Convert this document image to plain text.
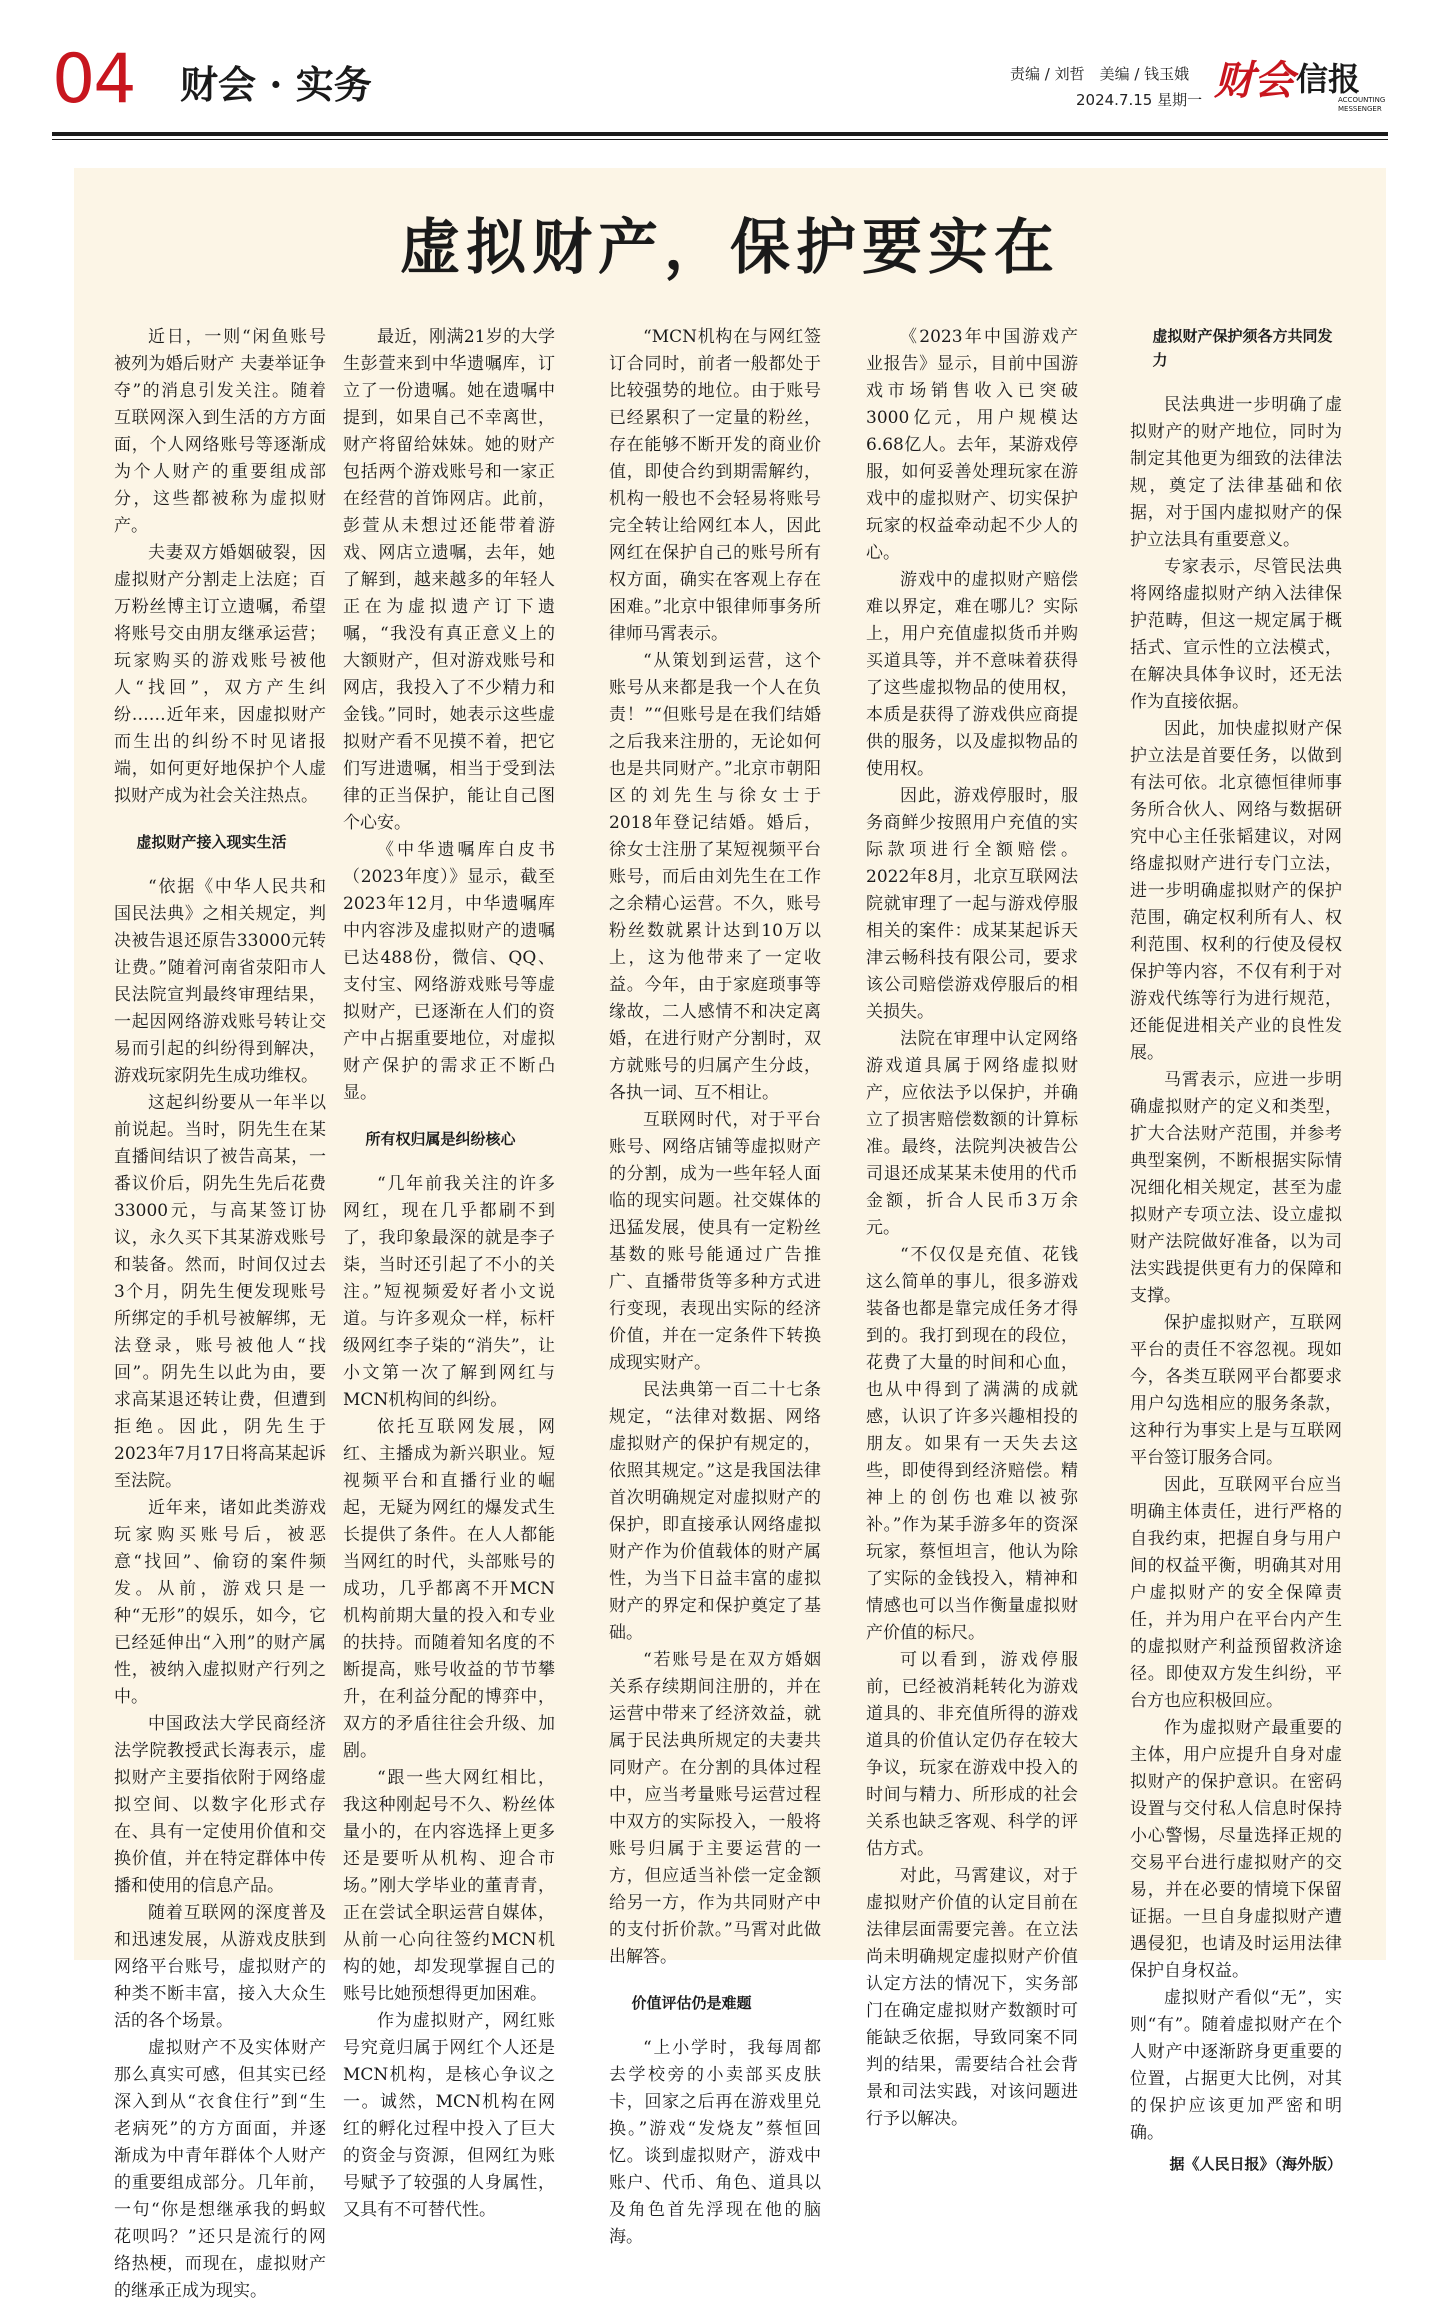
04 财会 · 实务	责编 / 刘哲　美编 / 钱玉娥
2024.7.15 星期一 财会 信报
ACCOUNTING
MESSENGER
虚拟财产，保护要实在

近日，一则“闲鱼账号被列为婚后财产 夫妻举证争夺”的消息引发关注。随着互联网深入到生活的方方面面，个人网络账号等逐渐成为个人财产的重要组成部分，这些都被称为虚拟财产。

夫妻双方婚姻破裂，因虚拟财产分割走上法庭；百万粉丝博主订立遗嘱，希望将账号交由朋友继承运营；玩家购买的游戏账号被他人“找回”，双方产生纠纷……近年来，因虚拟财产而生出的纠纷不时见诸报端，如何更好地保护个人虚拟财产成为社会关注热点。

虚拟财产接入现实生活

“依据《中华人民共和国民法典》之相关规定，判决被告退还原告33000元转让费。”随着河南省荥阳市人民法院宣判最终审理结果，一起因网络游戏账号转让交易而引起的纠纷得到解决，游戏玩家阴先生成功维权。

这起纠纷要从一年半以前说起。当时，阴先生在某直播间结识了被告高某，一番议价后，阴先生先后花费33000元，与高某签订协议，永久买下其某游戏账号和装备。然而，时间仅过去3个月，阴先生便发现账号所绑定的手机号被解绑，无法登录，账号被他人“找回”。阴先生以此为由，要求高某退还转让费，但遭到拒绝。因此，阴先生于2023年7月17日将高某起诉至法院。

近年来，诸如此类游戏玩家购买账号后，被恶意“找回”、偷窃的案件频发。从前，游戏只是一种“无形”的娱乐，如今，它已经延伸出“入刑”的财产属性，被纳入虚拟财产行列之中。

中国政法大学民商经济法学院教授武长海表示，虚拟财产主要指依附于网络虚拟空间、以数字化形式存在、具有一定使用价值和交换价值，并在特定群体中传播和使用的信息产品。

随着互联网的深度普及和迅速发展，从游戏皮肤到网络平台账号，虚拟财产的种类不断丰富，接入大众生活的各个场景。

虚拟财产不及实体财产那么真实可感，但其实已经深入到从“衣食住行”到“生老病死”的方方面面，并逐渐成为中青年群体个人财产的重要组成部分。几年前，一句“你是想继承我的蚂蚁花呗吗？”还只是流行的网络热梗，而现在，虚拟财产的继承正成为现实。

最近，刚满21岁的大学生彭萱来到中华遗嘱库，订立了一份遗嘱。她在遗嘱中提到，如果自己不幸离世，财产将留给妹妹。她的财产包括两个游戏账号和一家正在经营的首饰网店。此前，彭萱从未想过还能带着游戏、网店立遗嘱，去年，她了解到，越来越多的年轻人正在为虚拟遗产订下遗嘱，“我没有真正意义上的大额财产，但对游戏账号和网店，我投入了不少精力和金钱。”同时，她表示这些虚拟财产看不见摸不着，把它们写进遗嘱，相当于受到法律的正当保护，能让自己图个心安。

《中华遗嘱库白皮书（2023年度）》显示，截至2023年12月，中华遗嘱库中内容涉及虚拟财产的遗嘱已达488份，微信、QQ、支付宝、网络游戏账号等虚拟财产，已逐渐在人们的资产中占据重要地位，对虚拟财产保护的需求正不断凸显。

所有权归属是纠纷核心

“几年前我关注的许多网红，现在几乎都刷不到了，我印象最深的就是李子柒，当时还引起了不小的关注。”短视频爱好者小文说道。与许多观众一样，标杆级网红李子柒的“消失”，让小文第一次了解到网红与MCN机构间的纠纷。

依托互联网发展，网红、主播成为新兴职业。短视频平台和直播行业的崛起，无疑为网红的爆发式生长提供了条件。在人人都能当网红的时代，头部账号的成功，几乎都离不开MCN机构前期大量的投入和专业的扶持。而随着知名度的不断提高，账号收益的节节攀升，在利益分配的博弈中，双方的矛盾往往会升级、加剧。

“跟一些大网红相比，我这种刚起号不久、粉丝体量小的，在内容选择上更多还是要听从机构、迎合市场。”刚大学毕业的董青青，正在尝试全职运营自媒体，从前一心向往签约MCN机构的她，却发现掌握自己的账号比她预想得更加困难。

作为虚拟财产，网红账号究竟归属于网红个人还是MCN机构，是核心争议之一。诚然，MCN机构在网红的孵化过程中投入了巨大的资金与资源，但网红为账号赋予了较强的人身属性，又具有不可替代性。

“MCN机构在与网红签订合同时，前者一般都处于比较强势的地位。由于账号已经累积了一定量的粉丝，存在能够不断开发的商业价值，即使合约到期需解约，机构一般也不会轻易将账号完全转让给网红本人，因此网红在保护自己的账号所有权方面，确实在客观上存在困难。”北京中银律师事务所律师马霄表示。

“从策划到运营，这个账号从来都是我一个人在负责！”“但账号是在我们结婚之后我来注册的，无论如何也是共同财产。”北京市朝阳区的刘先生与徐女士于2018年登记结婚。婚后，徐女士注册了某短视频平台账号，而后由刘先生在工作之余精心运营。不久，账号粉丝数就累计达到10万以上，这为他带来了一定收益。今年，由于家庭琐事等缘故，二人感情不和决定离婚，在进行财产分割时，双方就账号的归属产生分歧，各执一词、互不相让。

互联网时代，对于平台账号、网络店铺等虚拟财产的分割，成为一些年轻人面临的现实问题。社交媒体的迅猛发展，使具有一定粉丝基数的账号能通过广告推广、直播带货等多种方式进行变现，表现出实际的经济价值，并在一定条件下转换成现实财产。

民法典第一百二十七条规定，“法律对数据、网络虚拟财产的保护有规定的，依照其规定。”这是我国法律首次明确规定对虚拟财产的保护，即直接承认网络虚拟财产作为价值载体的财产属性，为当下日益丰富的虚拟财产的界定和保护奠定了基础。

“若账号是在双方婚姻关系存续期间注册的，并在运营中带来了经济效益，就属于民法典所规定的夫妻共同财产。在分割的具体过程中，应当考量账号运营过程中双方的实际投入，一般将账号归属于主要运营的一方，但应适当补偿一定金额给另一方，作为共同财产中的支付折价款。”马霄对此做出解答。

价值评估仍是难题

“上小学时，我每周都去学校旁的小卖部买皮肤卡，回家之后再在游戏里兑换。”游戏“发烧友”蔡恒回忆。谈到虚拟财产，游戏中账户、代币、角色、道具以及角色首先浮现在他的脑海。

《2023年中国游戏产业报告》显示，目前中国游戏市场销售收入已突破3000亿元，用户规模达6.68亿人。去年，某游戏停服，如何妥善处理玩家在游戏中的虚拟财产、切实保护玩家的权益牵动起不少人的心。

游戏中的虚拟财产赔偿难以界定，难在哪儿？实际上，用户充值虚拟货币并购买道具等，并不意味着获得了这些虚拟物品的使用权，本质是获得了游戏供应商提供的服务，以及虚拟物品的使用权。

因此，游戏停服时，服务商鲜少按照用户充值的实际款项进行全额赔偿。2022年8月，北京互联网法院就审理了一起与游戏停服相关的案件：成某某起诉天津云畅科技有限公司，要求该公司赔偿游戏停服后的相关损失。

法院在审理中认定网络游戏道具属于网络虚拟财产，应依法予以保护，并确立了损害赔偿数额的计算标准。最终，法院判决被告公司退还成某某未使用的代币金额，折合人民币3万余元。

“不仅仅是充值、花钱这么简单的事儿，很多游戏装备也都是靠完成任务才得到的。我打到现在的段位，花费了大量的时间和心血，也从中得到了满满的成就感，认识了许多兴趣相投的朋友。如果有一天失去这些，即使得到经济赔偿。精神上的创伤也难以被弥补。”作为某手游多年的资深玩家，蔡恒坦言，他认为除了实际的金钱投入，精神和情感也可以当作衡量虚拟财产价值的标尺。

可以看到，游戏停服前，已经被消耗转化为游戏道具的、非充值所得的游戏道具的价值认定仍存在较大争议，玩家在游戏中投入的时间与精力、所形成的社会关系也缺乏客观、科学的评估方式。

对此，马霄建议，对于虚拟财产价值的认定目前在法律层面需要完善。在立法尚未明确规定虚拟财产价值认定方法的情况下，实务部门在确定虚拟财产数额时可能缺乏依据，导致同案不同判的结果，需要结合社会背景和司法实践，对该问题进行予以解决。

虚拟财产保护须各方共同发力

民法典进一步明确了虚拟财产的财产地位，同时为制定其他更为细致的法律法规，奠定了法律基础和依据，对于国内虚拟财产的保护立法具有重要意义。

专家表示，尽管民法典将网络虚拟财产纳入法律保护范畴，但这一规定属于概括式、宣示性的立法模式，在解决具体争议时，还无法作为直接依据。

因此，加快虚拟财产保护立法是首要任务，以做到有法可依。北京德恒律师事务所合伙人、网络与数据研究中心主任张韬建议，对网络虚拟财产进行专门立法，进一步明确虚拟财产的保护范围，确定权利所有人、权利范围、权利的行使及侵权保护等内容，不仅有利于对游戏代练等行为进行规范，还能促进相关产业的良性发展。

马霄表示，应进一步明确虚拟财产的定义和类型，扩大合法财产范围，并参考典型案例，不断根据实际情况细化相关规定，甚至为虚拟财产专项立法、设立虚拟财产法院做好准备，以为司法实践提供更有力的保障和支撑。

保护虚拟财产，互联网平台的责任不容忽视。现如今，各类互联网平台都要求用户勾选相应的服务条款，这种行为事实上是与互联网平台签订服务合同。

因此，互联网平台应当明确主体责任，进行严格的自我约束，把握自身与用户间的权益平衡，明确其对用户虚拟财产的安全保障责任，并为用户在平台内产生的虚拟财产利益预留救济途径。即使双方发生纠纷，平台方也应积极回应。

作为虚拟财产最重要的主体，用户应提升自身对虚拟财产的保护意识。在密码设置与交付私人信息时保持小心警惕，尽量选择正规的交易平台进行虚拟财产的交易，并在必要的情境下保留证据。一旦自身虚拟财产遭遇侵犯，也请及时运用法律保护自身权益。

虚拟财产看似“无”，实则“有”。随着虚拟财产在个人财产中逐渐跻身更重要的位置，占据更大比例，对其的保护应该更加严密和明确。

据《人民日报》（海外版）
